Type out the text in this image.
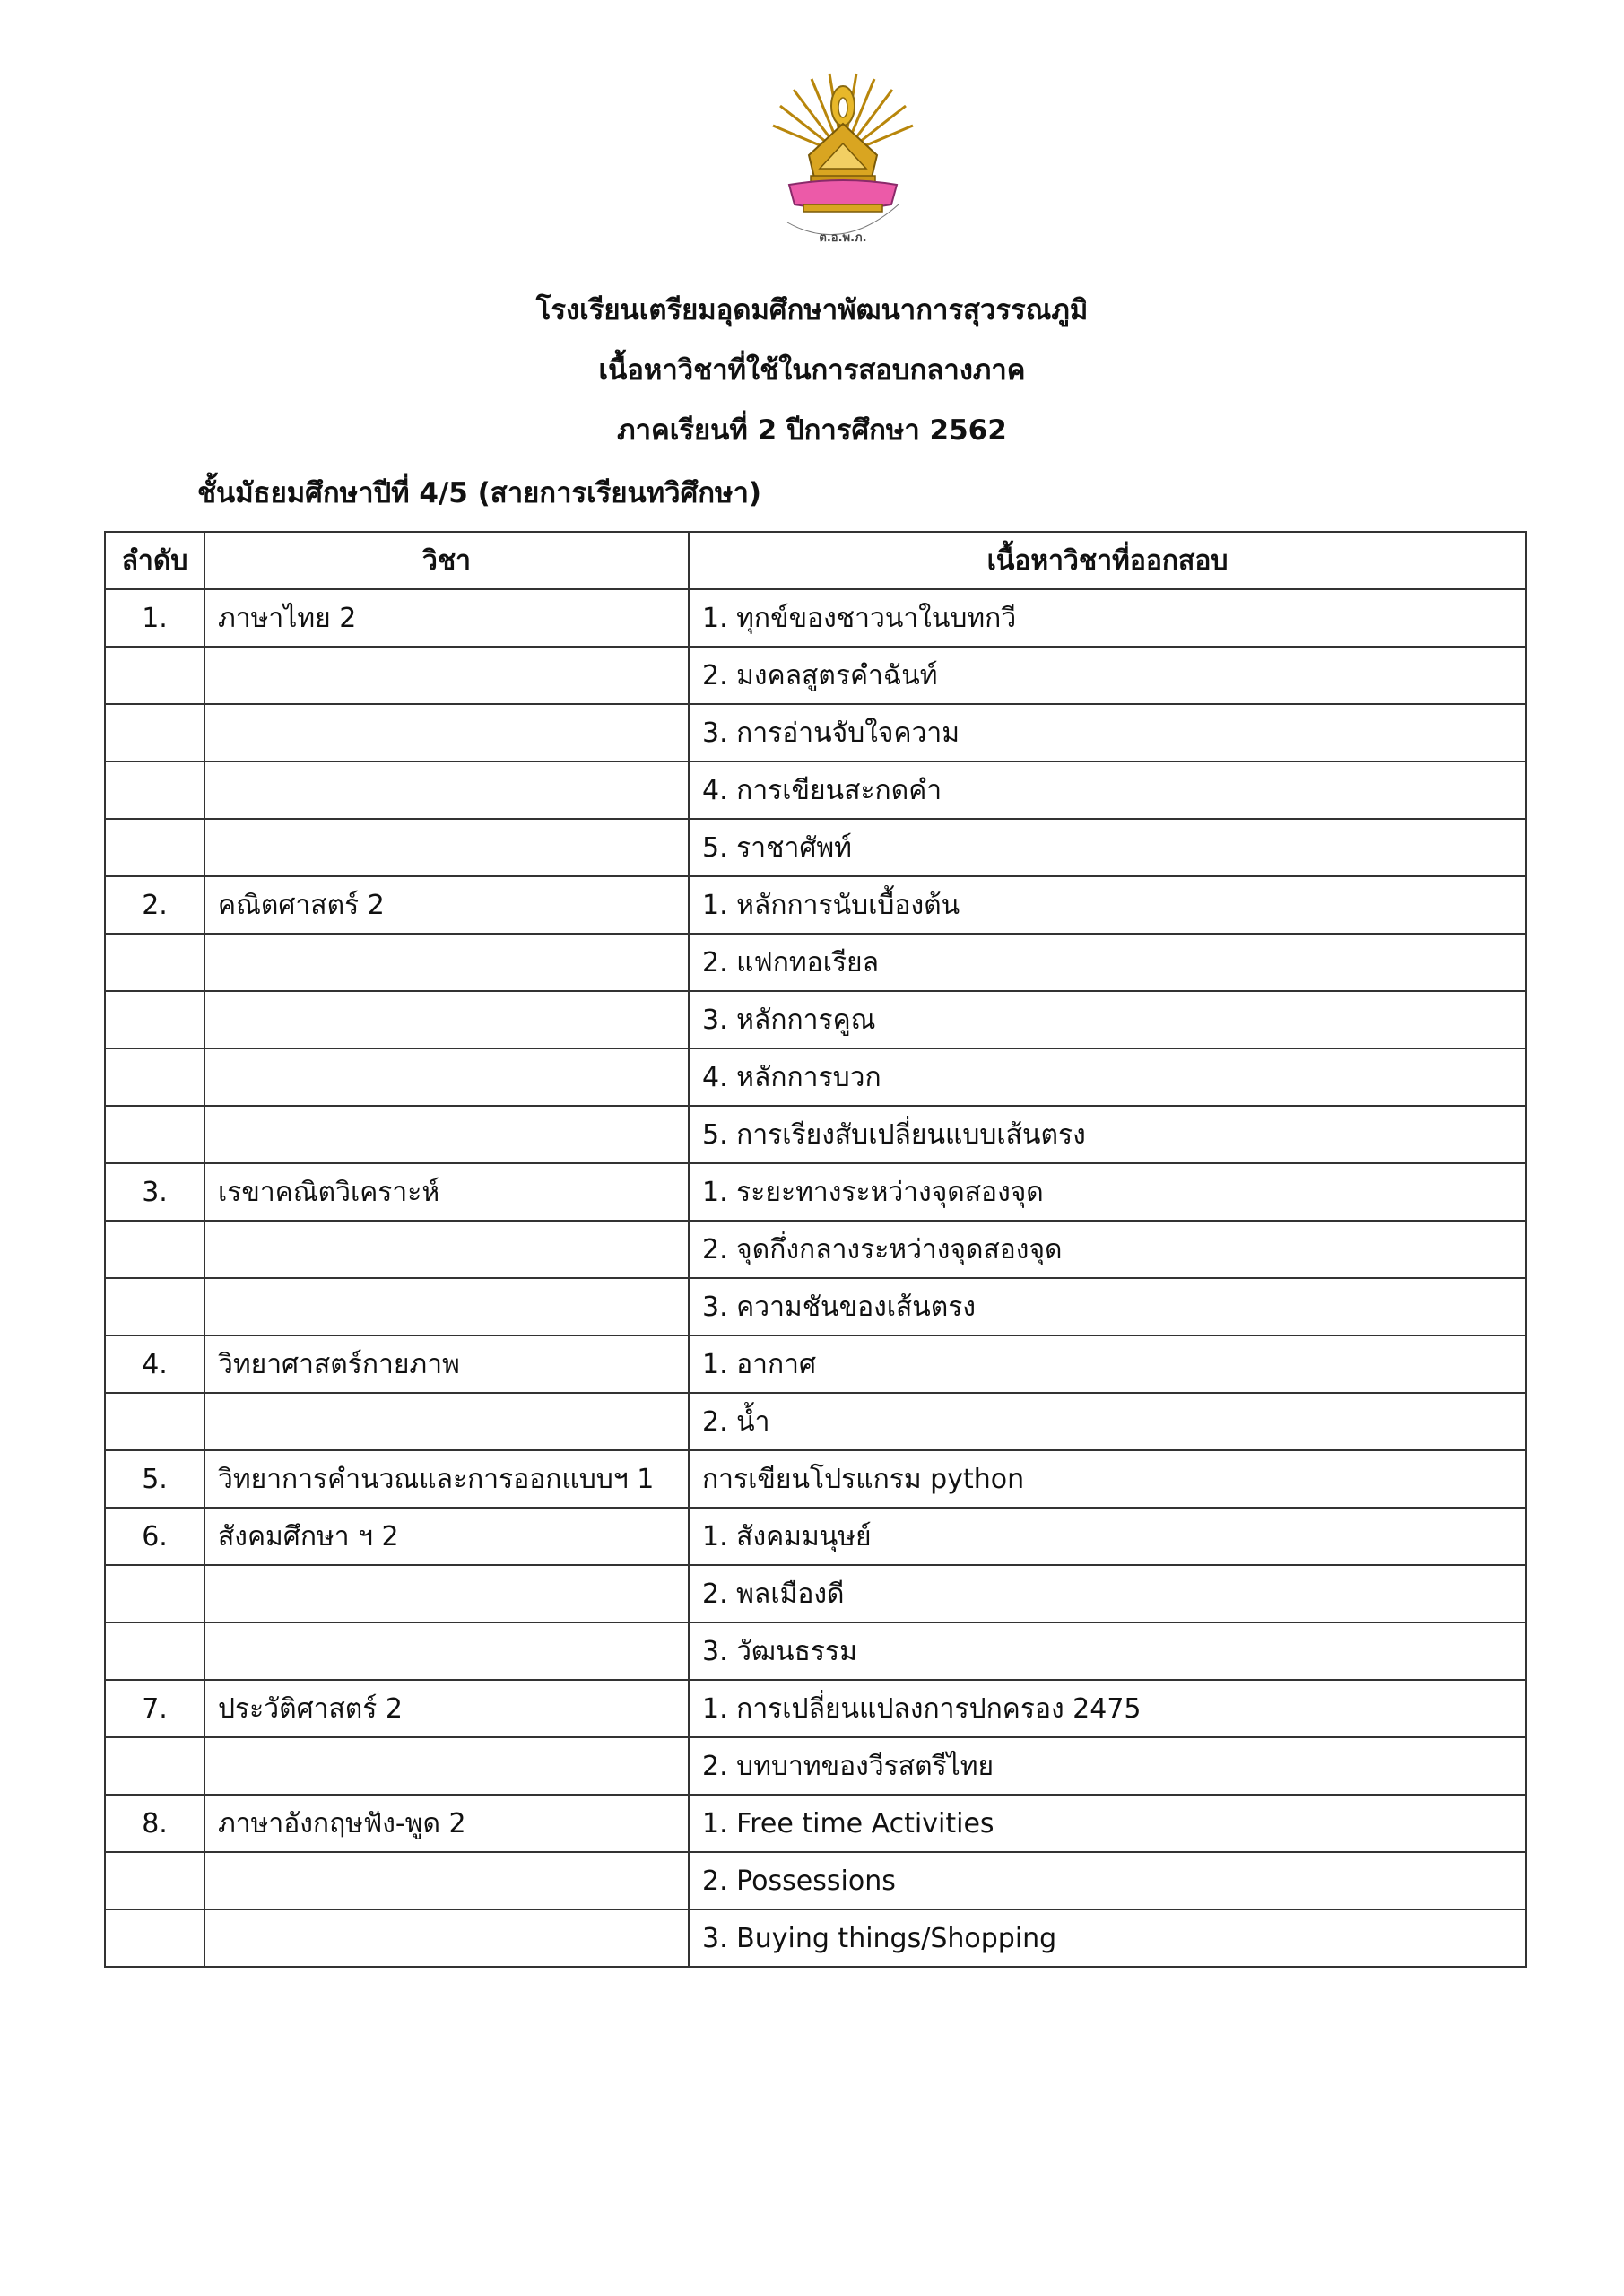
ต.อ.พ.ภ.
โรงเรียนเตรียมอุดมศึกษาพัฒนาการสุวรรณภูมิ
เนื้อหาวิชาที่ใช้ในการสอบกลางภาค
ภาคเรียนที่ 2 ปีการศึกษา 2562
ชั้นมัธยมศึกษาปีที่ 4/5 (สายการเรียนทวิศึกษา)
ลำดับ	วิชา	เนื้อหาวิชาที่ออกสอบ
1.	ภาษาไทย 2	1. ทุกข์ของชาวนาในบทกวี
		2. มงคลสูตรคำฉันท์
		3. การอ่านจับใจความ
		4. การเขียนสะกดคำ
		5. ราชาศัพท์
2.	คณิตศาสตร์ 2	1. หลักการนับเบื้องต้น
		2. แฟกทอเรียล
		3. หลักการคูณ
		4. หลักการบวก
		5. การเรียงสับเปลี่ยนแบบเส้นตรง
3.	เรขาคณิตวิเคราะห์	1. ระยะทางระหว่างจุดสองจุด
		2. จุดกึ่งกลางระหว่างจุดสองจุด
		3. ความชันของเส้นตรง
4.	วิทยาศาสตร์กายภาพ	1. อากาศ
		2. น้ำ
5.	วิทยาการคำนวณและการออกแบบฯ 1	การเขียนโปรแกรม python
6.	สังคมศึกษา ฯ 2	1. สังคมมนุษย์
		2. พลเมืองดี
		3. วัฒนธรรม
7.	ประวัติศาสตร์ 2	1. การเปลี่ยนแปลงการปกครอง 2475
		2. บทบาทของวีรสตรีไทย
8.	ภาษาอังกฤษฟัง-พูด 2	1. Free time Activities
		2. Possessions
		3. Buying things/Shopping
